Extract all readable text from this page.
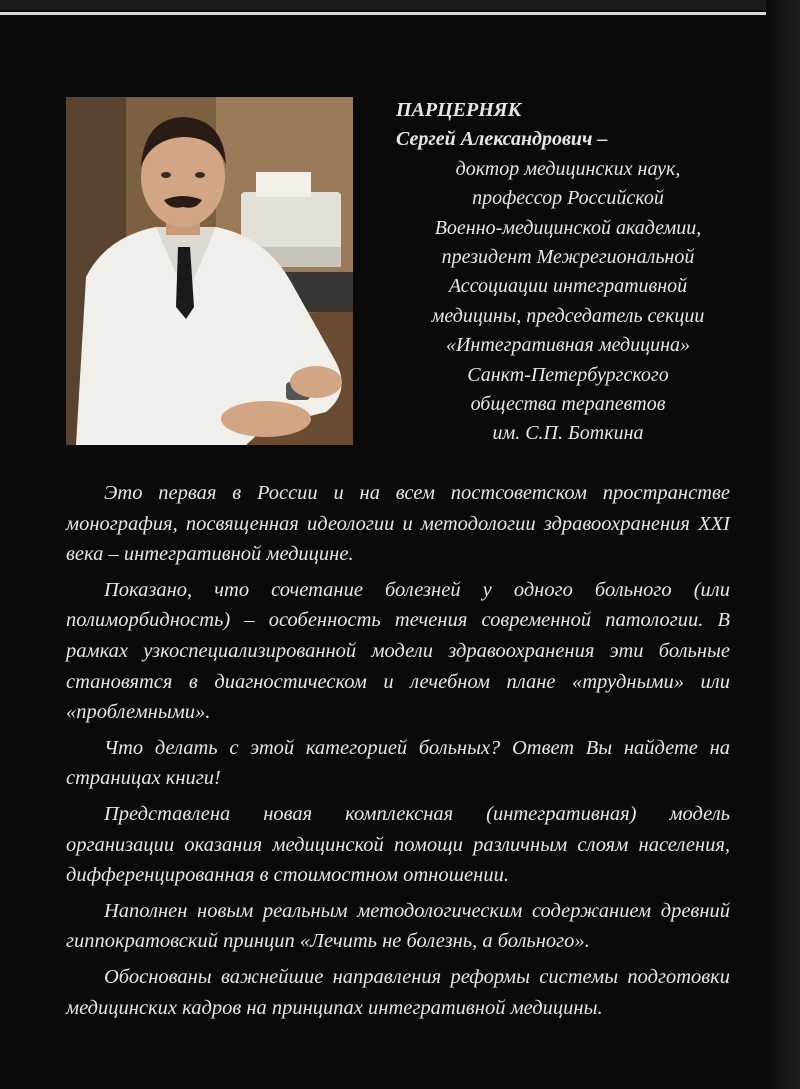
ПАРЦЕРНЯК
Сергей Александрович –
доктор медицинских наук,
профессор Российской
Военно-медицинской академии,
президент Межрегиональной
Ассоциации интегративной
медицины, председатель секции
«Интегративная медицина»
Санкт-Петербургского
общества терапевтов
им. С.П. Боткина

Это первая в России и на всем постсоветском пространстве монография, посвященная идеологии и методологии здравоохранения XXI века – интегративной медицине.

Показано, что сочетание болезней у одного больного (или полиморбидность) – особенность течения современной патологии. В рамках узкоспециализированной модели здравоохранения эти больные становятся в диагностическом и лечебном плане «трудными» или «проблемными».

Что делать с этой категорией больных? Ответ Вы найдете на страницах книги!

Представлена новая комплексная (интегративная) модель организации оказания медицинской помощи различным слоям населения, дифференцированная в стоимостном отношении.

Наполнен новым реальным методологическим содержанием древний гиппократовский принцип «Лечить не болезнь, а больного».

Обоснованы важнейшие направления реформы системы подготовки медицинских кадров на принципах интегративной медицины.
